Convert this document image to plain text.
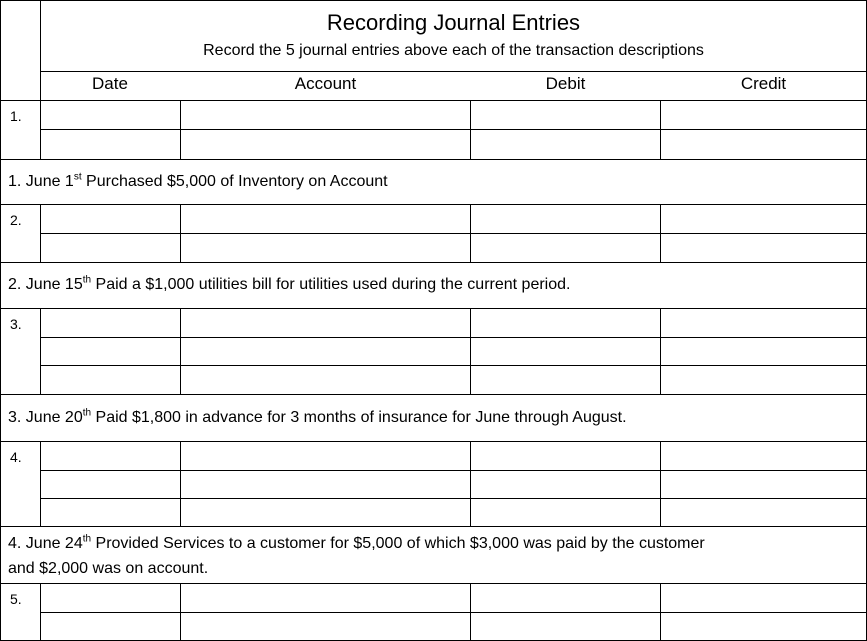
Recording Journal Entries
Record the 5 journal entries above each of the transaction descriptions
Date	Account	Debit	Credit
1.
1. June 1st Purchased $5,000 of Inventory on Account
2.
2. June 15th Paid a $1,000 utilities bill for utilities used during the current period.
3.
3. June 20th Paid $1,800 in advance for 3 months of insurance for June through August.
4.
4. June 24th Provided Services to a customer for $5,000 of which $3,000 was paid by the customer
and $2,000 was on account.
5.
